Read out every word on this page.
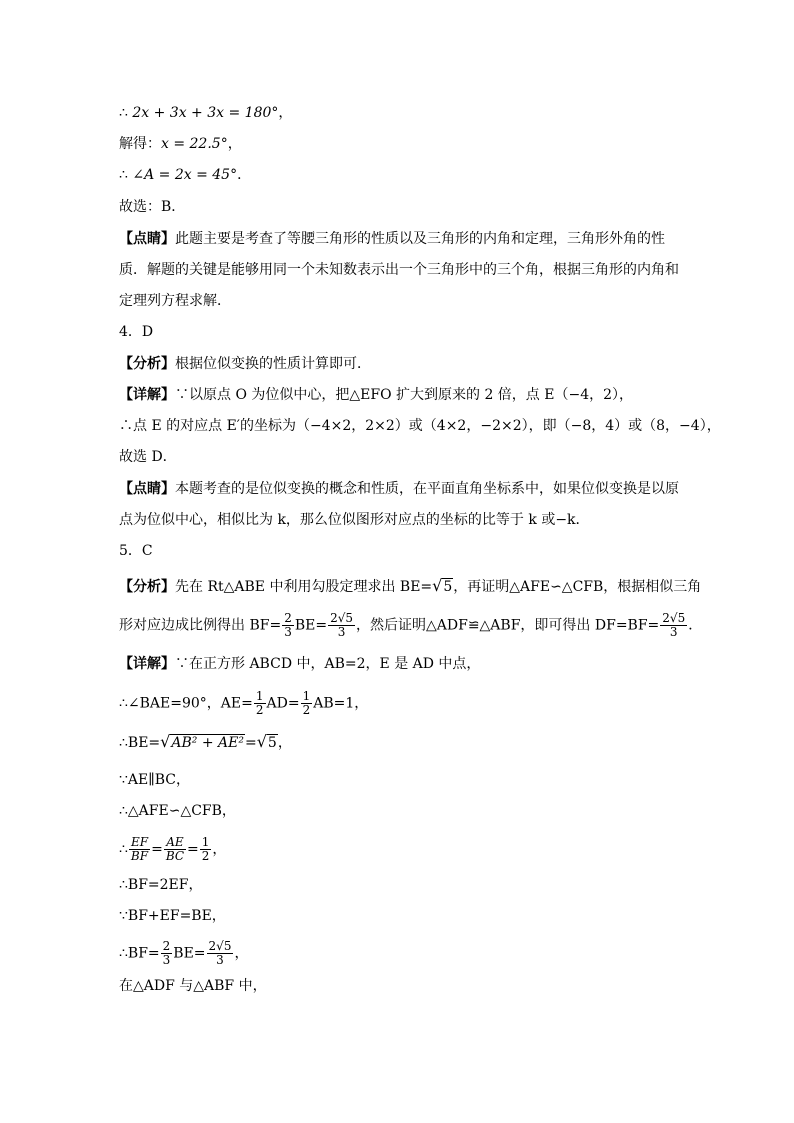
∴ 2x + 3x + 3x = 180°，
解得：x = 22.5°，
∴ ∠A = 2x = 45°．
故选：B．
【点睛】此题主要是考查了等腰三角形的性质以及三角形的内角和定理，三角形外角的性
质．解题的关键是能够用同一个未知数表示出一个三角形中的三个角，根据三角形的内角和
定理列方程求解．
4．D
【分析】根据位似变换的性质计算即可．
【详解】∵以原点 O 为位似中心，把△EFO 扩大到原来的 2 倍，点 E（−4，2），
∴点 E 的对应点 E′的坐标为（−4×2，2×2）或（4×2，−2×2），即（−8，4）或（8，−4），
故选 D．
【点睛】本题考查的是位似变换的概念和性质，在平面直角坐标系中，如果位似变换是以原
点为位似中心，相似比为 k，那么位似图形对应点的坐标的比等于 k 或−k．
5．C
【分析】先在 Rt△ABE 中利用勾股定理求出 BE=√5，再证明△AFE∽△CFB，根据相似三角
形对应边成比例得出 $BF= \frac{2}{3} BE= \frac{2√5}{3}$ ，然后证明△ADF≌△ABF，即可得出 $DF=BF= \frac{2√5}{3}$ ．
【详解】∵在正方形 ABCD 中，AB=2，E 是 AD 中点，
∴∠BAE=90°，$AE= \frac{1}{2} AD= \frac{1}{2} AB=1$，
∴BE=√AB² + AE²=√5，
∵AE∥BC，
∴△AFE∽△CFB，
∴ $\frac{EF}{BF} = \frac{AE}{BC} = \frac{1}{2}$ ，
∴BF=2EF，
∵BF+EF=BE，
∴BF= $\frac{2}{3} BE= \frac{2√5}{3}$ ，
在△ADF 与△ABF 中，
